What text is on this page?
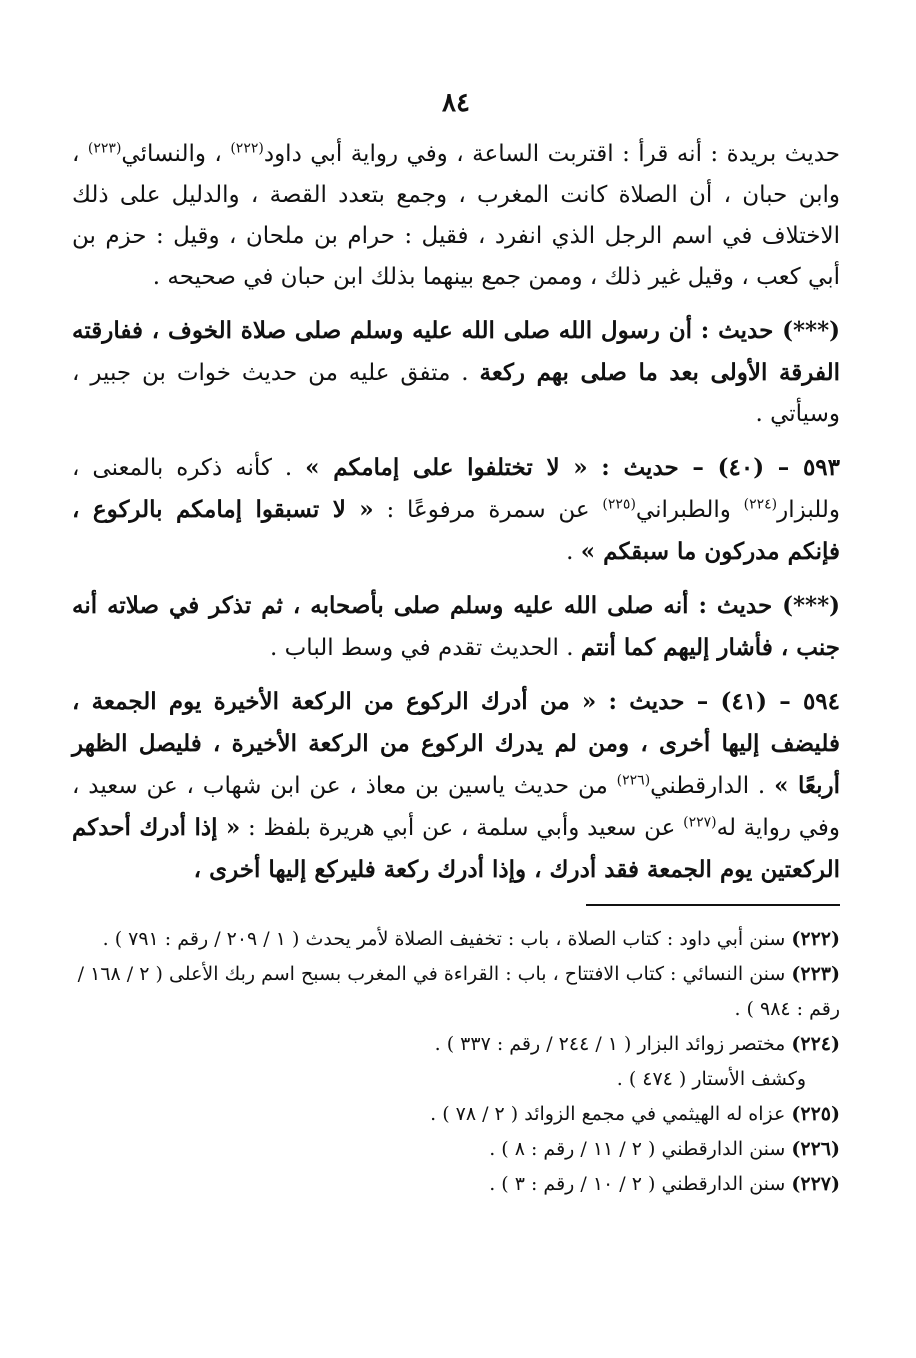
٨٤

حديث بريدة : أنه قرأ : اقتربت الساعة ، وفي رواية أبي داود$^{(٢٢٢)}$ ، والنسائي$^{(٢٢٣)}$ ، وابن حبان ، أن الصلاة كانت المغرب ، وجمع بتعدد القصة ، والدليل على ذلك الاختلاف في اسم الرجل الذي انفرد ، فقيل : حرام بن ملحان ، وقيل : حزم بن أبي كعب ، وقيل غير ذلك ، وممن جمع بينهما بذلك ابن حبان في صحيحه .

(***) حديث : أن رسول الله صلى الله عليه وسلم صلى صلاة الخوف ، ففارقته الفرقة الأولى بعد ما صلى بهم ركعة . متفق عليه من حديث خوات بن جبير ، وسيأتي .

٥٩٣ – (٤٠) – حديث : « لا تختلفوا على إمامكم » . كأنه ذكره بالمعنى ، وللبزار$^{(٢٢٤)}$ والطبراني$^{(٢٢٥)}$ عن سمرة مرفوعًا : « لا تسبقوا إمامكم بالركوع ، فإنكم مدركون ما سبقكم » .

(***) حديث : أنه صلى الله عليه وسلم صلى بأصحابه ، ثم تذكر في صلاته أنه جنب ، فأشار إليهم كما أنتم . الحديث تقدم في وسط الباب .

٥٩٤ – (٤١) – حديث : « من أدرك الركوع من الركعة الأخيرة يوم الجمعة ، فليضف إليها أخرى ، ومن لم يدرك الركوع من الركعة الأخيرة ، فليصل الظهر أربعًا » . الدارقطني$^{(٢٢٦)}$ من حديث ياسين بن معاذ ، عن ابن شهاب ، عن سعيد ، وفي رواية له$^{(٢٢٧)}$ عن سعيد وأبي سلمة ، عن أبي هريرة بلفظ : « إذا أدرك أحدكم الركعتين يوم الجمعة فقد أدرك ، وإذا أدرك ركعة فليركع إليها أخرى ،

(٢٢٢) سنن أبي داود : كتاب الصلاة ، باب : تخفيف الصلاة لأمر يحدث ( ١ / ٢٠٩ / رقم : ٧٩١ ) .

(٢٢٣) سنن النسائي : كتاب الافتتاح ، باب : القراءة في المغرب بسبح اسم ربك الأعلى ( ٢ / ١٦٨ / رقم : ٩٨٤ ) .

(٢٢٤) مختصر زوائد البزار ( ١ / ٢٤٤ / رقم : ٣٣٧ ) .

وكشف الأستار ( ٤٧٤ ) .

(٢٢٥) عزاه له الهيثمي في مجمع الزوائد ( ٢ / ٧٨ ) .

(٢٢٦) سنن الدارقطني ( ٢ / ١١ / رقم : ٨ ) .

(٢٢٧) سنن الدارقطني ( ٢ / ١٠ / رقم : ٣ ) .
